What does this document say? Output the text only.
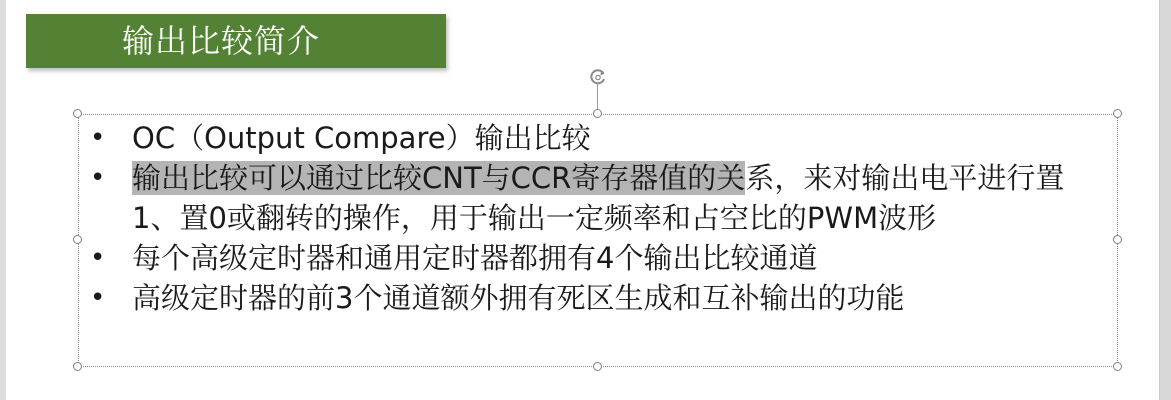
输出比较简介
• OC（Output Compare）输出比较
• 输出比较可以通过比较CNT与CCR寄存器值的关系，来对输出电平进行置1、置0或翻转的操作，用于输出一定频率和占空比的PWM波形
• 每个高级定时器和通用定时器都拥有4个输出比较通道
• 高级定时器的前3个通道额外拥有死区生成和互补输出的功能
